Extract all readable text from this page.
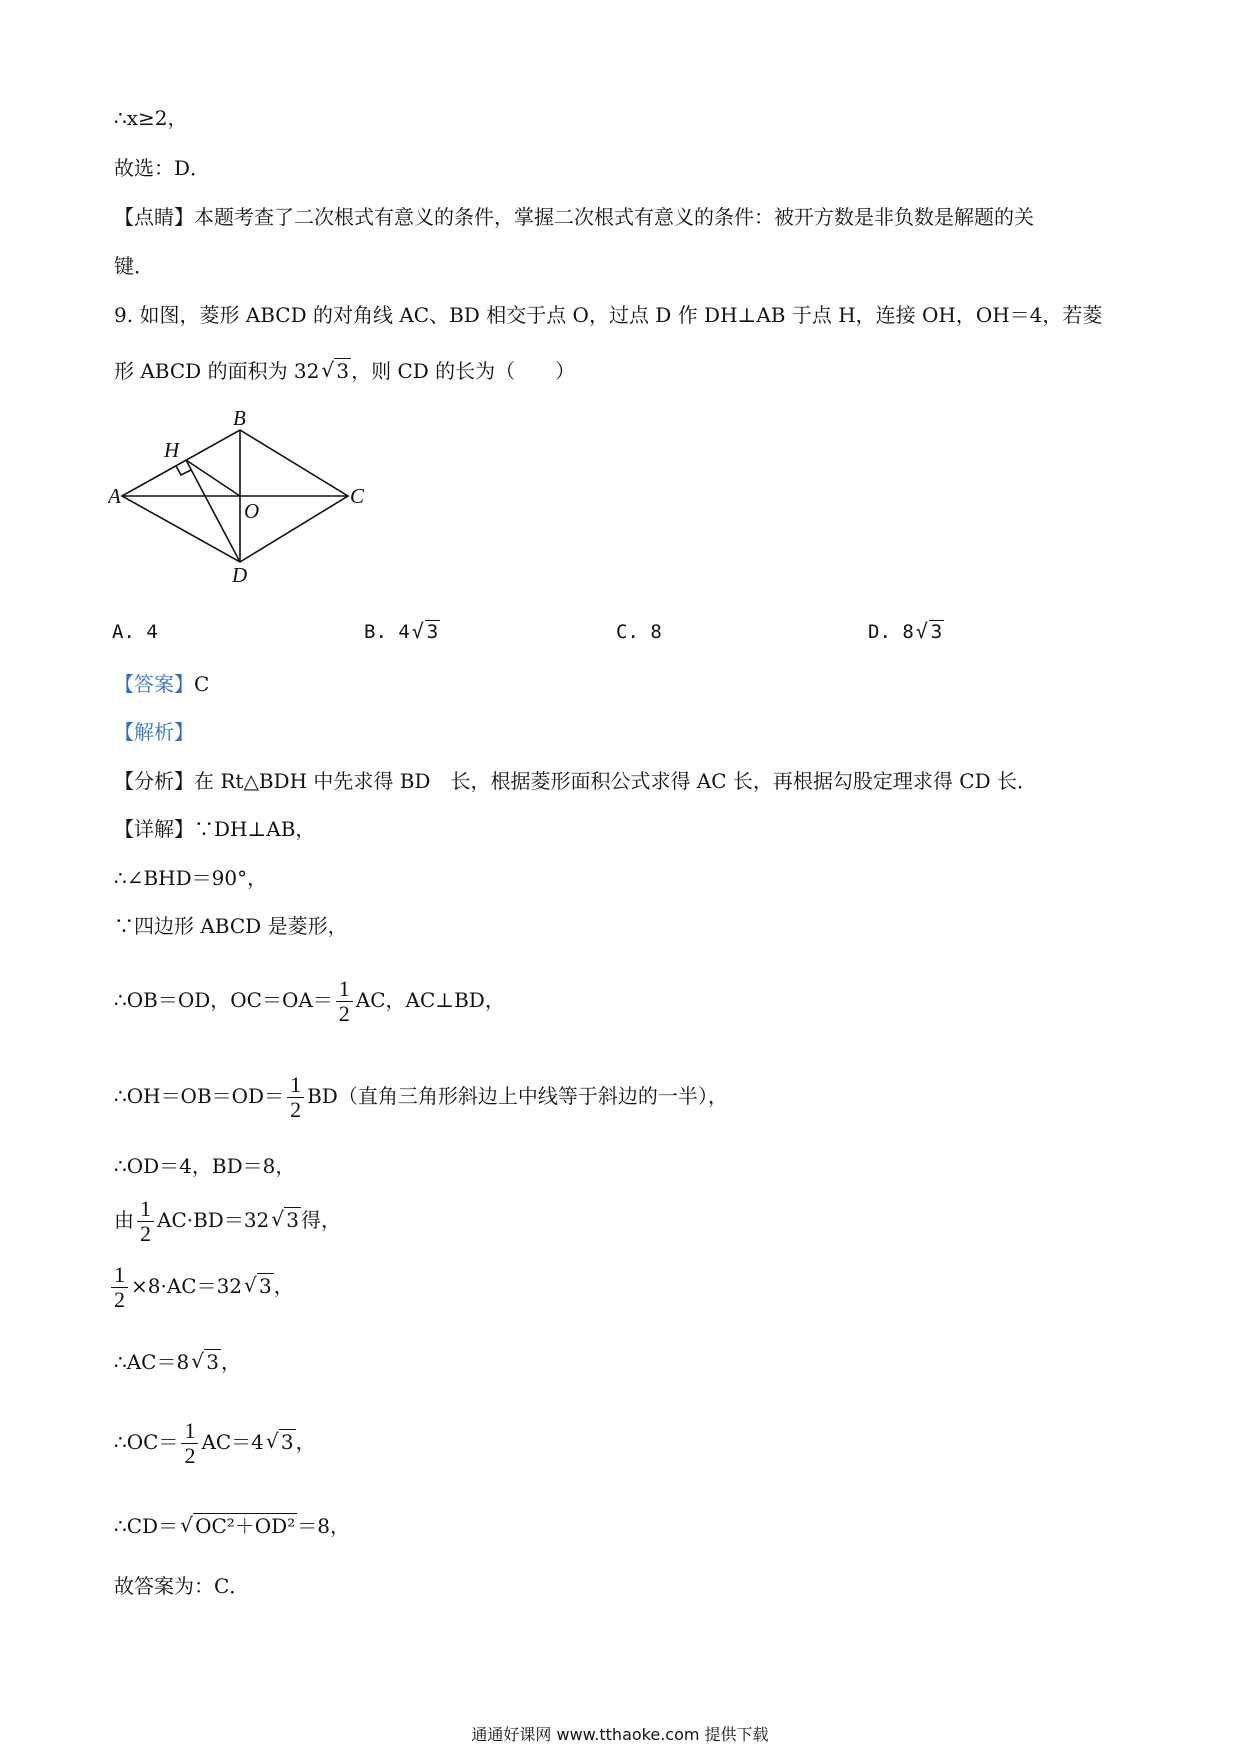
∴x≥2，
故选：D．
【点睛】本题考查了二次根式有意义的条件，掌握二次根式有意义的条件：被开方数是非负数是解题的关
键．
9. 如图，菱形 ABCD 的对角线 AC、BD 相交于点 O，过点 D 作 DH⊥AB 于点 H，连接 OH，OH＝4，若菱
形 ABCD 的面积为 32√ 3 ，则 CD 的长为（　　）
B
H
A
O
C
D
A. 4	B. 4√ 3	C. 8	D. 8√ 3
【答案】C
【解析】
【分析】在 Rt△BDH 中先求得 BD　长，根据菱形面积公式求得 AC 长，再根据勾股定理求得 CD 长．
【详解】∵DH⊥AB，
∴∠BHD＝90°，
∵四边形 ABCD 是菱形，
∴OB＝OD，$OC=OA= \frac{1}{2}$ AC，AC⊥BD，
∴OH＝OB＝OD＝ $\frac{1}{2} BD$（直角三角形斜边上中线等于斜边的一半），
∴OD＝4，BD＝8，
由 $\frac{1}{2} AC\cdot BD=32√$ 3 得，
$\frac{1}{2} \times 8\cdot AC=32√$ 3 ，
∴AC＝8√ 3 ，
∴OC＝ $\frac{1}{2} AC=4√$ 3 ，
∴CD＝√ OC²＋OD² ＝8，
故答案为：C．
通通好课网 www.tthaoke.com 提供下载
